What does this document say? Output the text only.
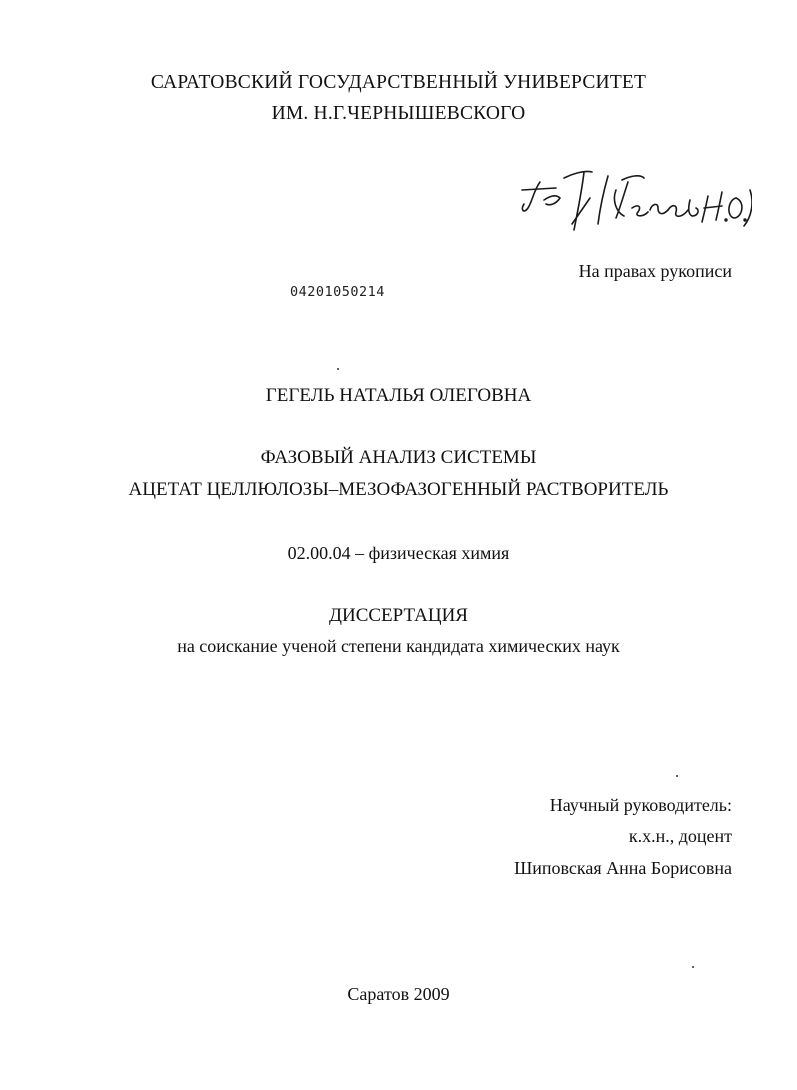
САРАТОВСКИЙ ГОСУДАРСТВЕННЫЙ УНИВЕРСИТЕТ
ИМ. Н.Г.ЧЕРНЫШЕВСКОГО
На правах рукописи
04201050214
ГЕГЕЛЬ НАТАЛЬЯ ОЛЕГОВНА
ФАЗОВЫЙ АНАЛИЗ СИСТЕМЫ
АЦЕТАТ ЦЕЛЛЮЛОЗЫ–МЕЗОФАЗОГЕННЫЙ РАСТВОРИТЕЛЬ
02.00.04 – физическая химия
ДИССЕРТАЦИЯ
на соискание ученой степени кандидата химических наук
Научный руководитель:
к.х.н., доцент
Шиповская Анна Борисовна
Саратов 2009
